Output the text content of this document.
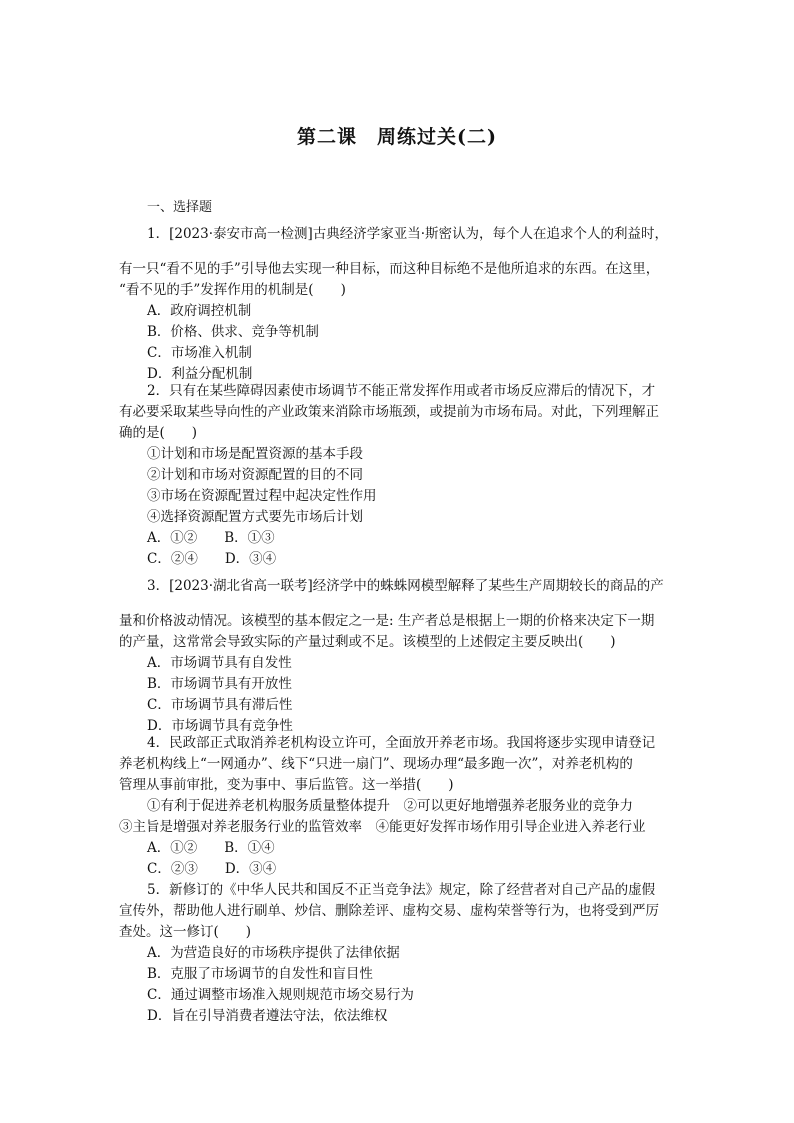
第二课　周练过关(二)
一、选择题
1．[2023·泰安市高一检测]古典经济学家亚当·斯密认为，每个人在追求个人的利益时，
有一只“看不见的手”引导他去实现一种目标，而这种目标绝不是他所追求的东西。在这里，
“看不见的手”发挥作用的机制是(　　)
A．政府调控机制
B．价格、供求、竞争等机制
C．市场准入机制
D．利益分配机制
2．只有在某些障碍因素使市场调节不能正常发挥作用或者市场反应滞后的情况下，才
有必要采取某些导向性的产业政策来消除市场瓶颈，或提前为市场布局。对此，下列理解正
确的是(　　)
①计划和市场是配置资源的基本手段
②计划和市场对资源配置的目的不同
③市场在资源配置过程中起决定性作用
④选择资源配置方式要先市场后计划
A．①②　　B．①③
C．②④　　D．③④
3．[2023·湖北省高一联考]经济学中的蛛蛛网模型解释了某些生产周期较长的商品的产
量和价格波动情况。该模型的基本假定之一是: 生产者总是根据上一期的价格来决定下一期
的产量，这常常会导致实际的产量过剩或不足。该模型的上述假定主要反映出(　　)
A．市场调节具有自发性
B．市场调节具有开放性
C．市场调节具有滞后性
D．市场调节具有竞争性
4．民政部正式取消养老机构设立许可，全面放开养老市场。我国将逐步实现申请登记
养老机构线上“一网通办”、线下“只进一扇门”、现场办理“最多跑一次”，对养老机构的
管理从事前审批，变为事中、事后监管。这一举措(　　)
①有利于促进养老机构服务质量整体提升　②可以更好地增强养老服务业的竞争力
③主旨是增强对养老服务行业的监管效率　④能更好发挥市场作用引导企业进入养老行业
A．①②　　B．①④
C．②③　　D．③④
5．新修订的《中华人民共和国反不正当竞争法》规定，除了经营者对自己产品的虚假
宣传外，帮助他人进行刷单、炒信、删除差评、虚构交易、虚构荣誉等行为，也将受到严厉
查处。这一修订(　　)
A．为营造良好的市场秩序提供了法律依据
B．克服了市场调节的自发性和盲目性
C．通过调整市场准入规则规范市场交易行为
D．旨在引导消费者遵法守法，依法维权
